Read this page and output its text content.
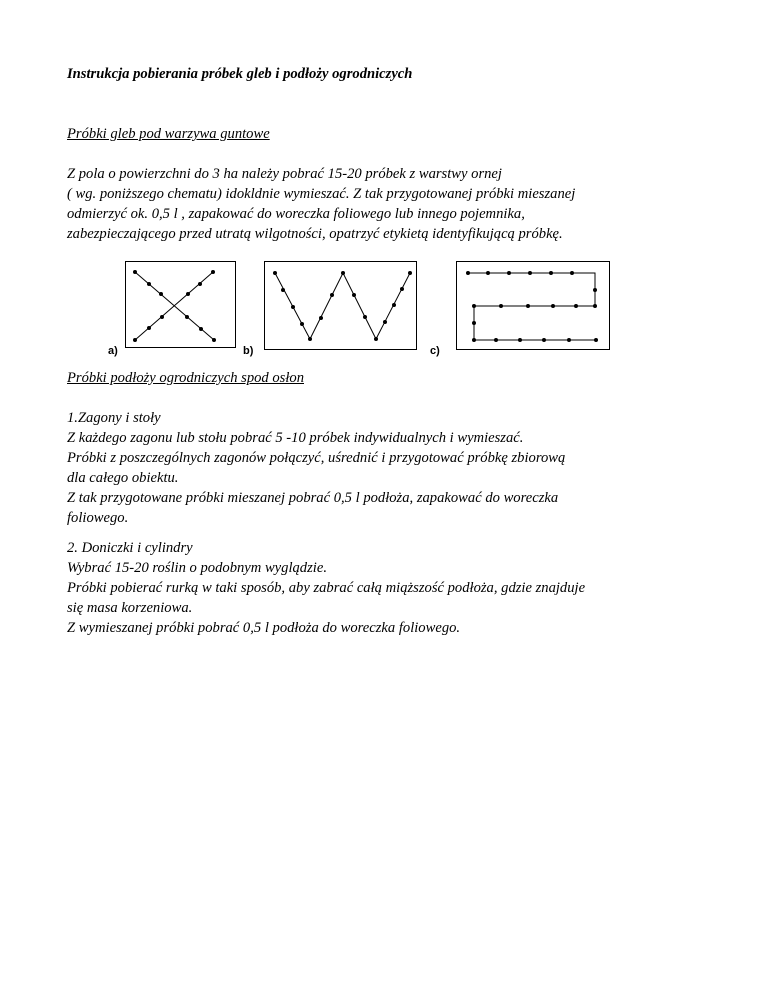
Instrukcja pobierania próbek gleb i podłoży ogrodniczych
Próbki gleb pod warzywa guntowe
Z pola o powierzchni do 3 ha należy pobrać 15-20 próbek z warstwy ornej
( wg. poniższego chematu) idokldnie wymieszać. Z tak przygotowanej próbki mieszanej
odmierzyć ok. 0,5 l , zapakować do woreczka foliowego lub innego pojemnika,
zabezpieczającego przed utratą wilgotności, opatrzyć etykietą identyfikującą próbkę.
a)	b)	c)
Próbki podłoży ogrodniczych spod osłon
1.Zagony i stoły
Z każdego zagonu lub stołu pobrać 5 -10 próbek indywidualnych i wymieszać.
Próbki z poszczególnych zagonów połączyć, uśrednić i przygotować próbkę zbiorową
dla całego obiektu.
Z tak przygotowane próbki mieszanej pobrać 0,5 l podłoża, zapakować do woreczka
foliowego.
2. Doniczki i cylindry
Wybrać 15-20 roślin o podobnym wyglądzie.
Próbki pobierać rurką w taki sposób, aby zabrać całą miąższość podłoża, gdzie znajduje
się masa korzeniowa.
Z wymieszanej próbki pobrać 0,5 l podłoża do woreczka foliowego.
